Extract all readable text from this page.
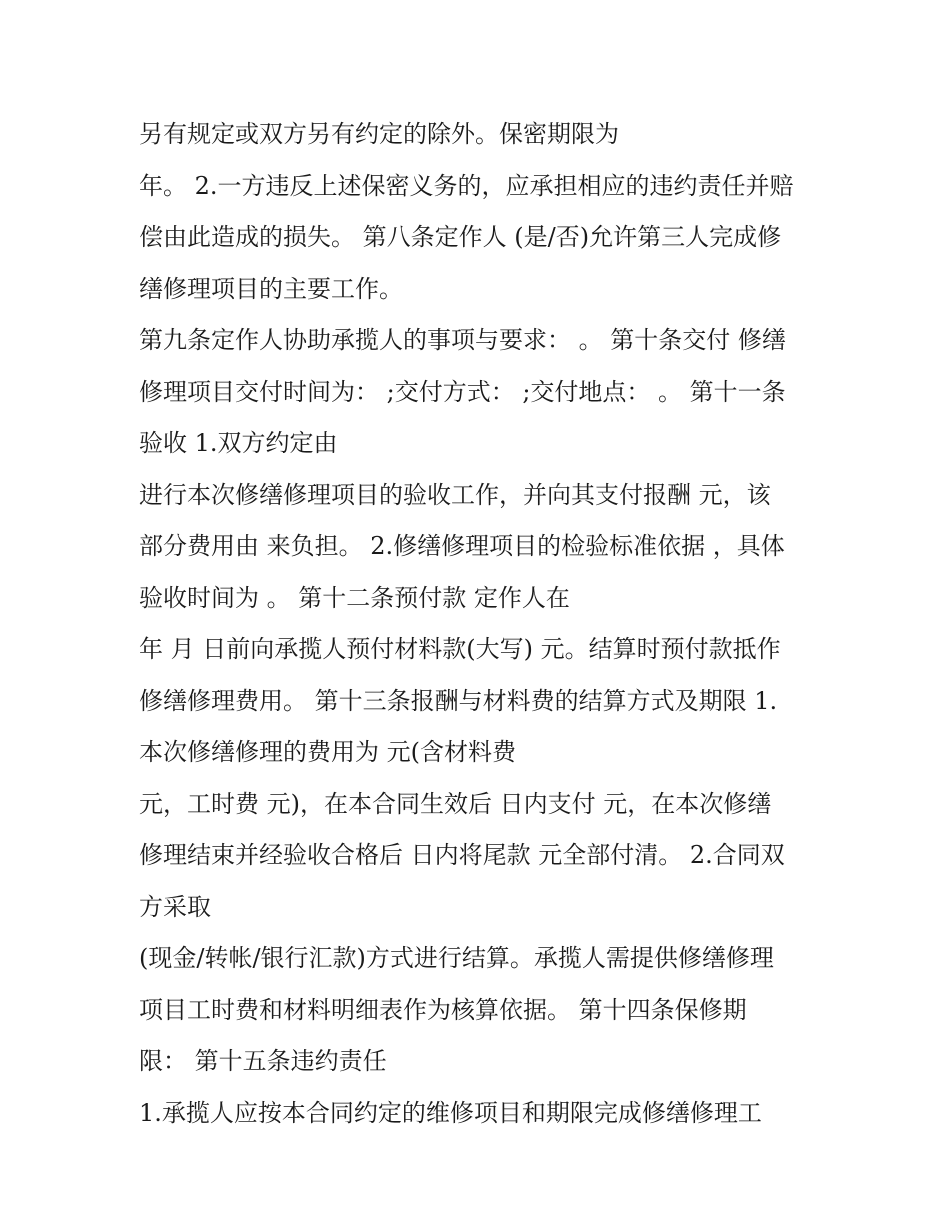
另有规定或双方另有约定的除外。保密期限为
年。 2.一方违反上述保密义务的，应承担相应的违约责任并赔
偿由此造成的损失。 第八条定作人 (是/否)允许第三人完成修
缮修理项目的主要工作。
第九条定作人协助承揽人的事项与要求： 。 第十条交付 修缮
修理项目交付时间为： ;交付方式： ;交付地点： 。 第十一条
验收 1.双方约定由
进行本次修缮修理项目的验收工作，并向其支付报酬 元，该
部分费用由 来负担。 2.修缮修理项目的检验标准依据 ，具体
验收时间为 。 第十二条预付款 定作人在
年 月 日前向承揽人预付材料款(大写) 元。结算时预付款抵作
修缮修理费用。 第十三条报酬与材料费的结算方式及期限 1.
本次修缮修理的费用为 元(含材料费
元，工时费 元)，在本合同生效后 日内支付 元，在本次修缮
修理结束并经验收合格后 日内将尾款 元全部付清。 2.合同双
方采取
(现金/转帐/银行汇款)方式进行结算。承揽人需提供修缮修理
项目工时费和材料明细表作为核算依据。 第十四条保修期
限： 第十五条违约责任
1.承揽人应按本合同约定的维修项目和期限完成修缮修理工
